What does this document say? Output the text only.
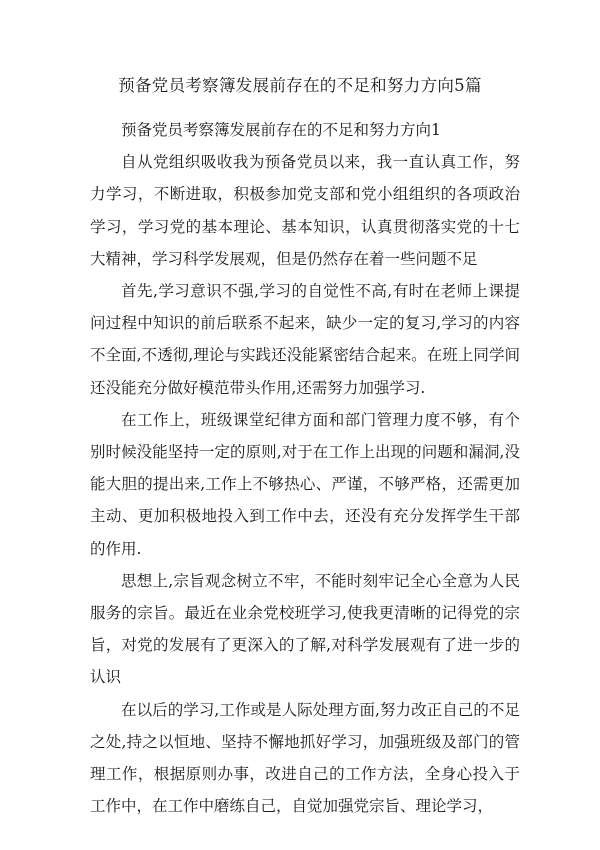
预备党员考察簿发展前存在的不足和努力方向5篇

预备党员考察簿发展前存在的不足和努力方向1

自从党组织吸收我为预备党员以来，我一直认真工作，努力学习，不断进取，积极参加党支部和党小组组织的各项政治学习，学习党的基本理论、基本知识，认真贯彻落实党的十七大精神，学习科学发展观，但是仍然存在着一些问题不足

首先,学习意识不强,学习的自觉性不高,有时在老师上课提问过程中知识的前后联系不起来，缺少一定的复习,学习的内容不全面,不透彻,理论与实践还没能紧密结合起来。在班上同学间还没能充分做好模范带头作用,还需努力加强学习.

在工作上，班级课堂纪律方面和部门管理力度不够，有个别时候没能坚持一定的原则,对于在工作上出现的问题和漏洞,没能大胆的提出来,工作上不够热心、严谨，不够严格，还需更加主动、更加积极地投入到工作中去，还没有充分发挥学生干部的作用.

思想上,宗旨观念树立不牢，不能时刻牢记全心全意为人民服务的宗旨。最近在业余党校班学习,使我更清晰的记得党的宗旨，对党的发展有了更深入的了解,对科学发展观有了进一步的认识

在以后的学习,工作或是人际处理方面,努力改正自己的不足之处,持之以恒地、坚持不懈地抓好学习，加强班级及部门的管理工作，根据原则办事，改进自己的工作方法，全身心投入于工作中，在工作中磨练自己，自觉加强党宗旨、理论学习，
